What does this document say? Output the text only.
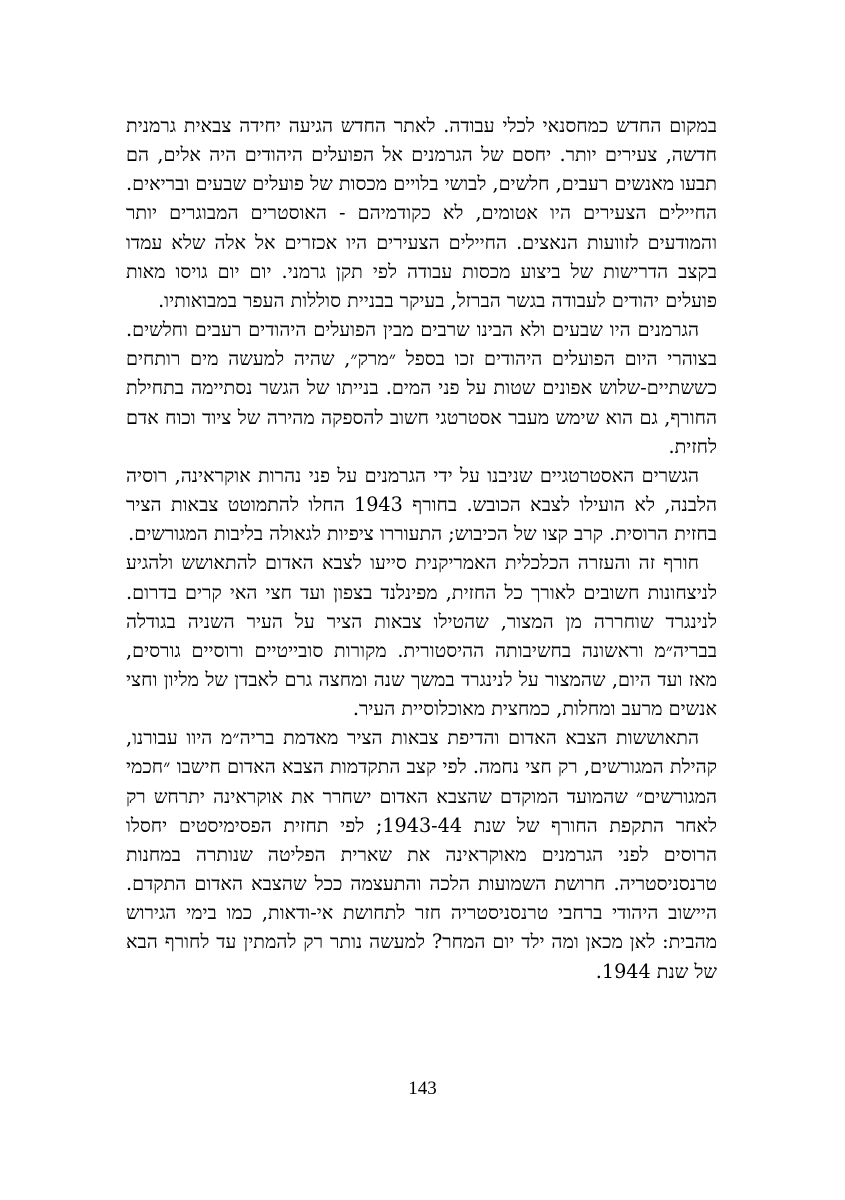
במקום החדש כמחסנאי לכלי עבודה. לאתר החדש הגיעה יחידה צבאית גרמנית חדשה, צעירים יותר. יחסם של הגרמנים אל הפועלים היהודים היה אלים, הם תבעו מאנשים רעבים, חלשים, לבושי בלויים מכסות של פועלים שבעים ובריאים. החיילים הצעירים היו אטומים, לא כקודמיהם - האוסטרים המבוגרים יותר והמודעים לזוועות הנאצים. החיילים הצעירים היו אכזרים אל אלה שלא עמדו בקצב הדרישות של ביצוע מכסות עבודה לפי תקן גרמני. יום יום גויסו מאות פועלים יהודים לעבודה בגשר הברזל, בעיקר בבניית סוללות העפר במבואותיו.

הגרמנים היו שבעים ולא הבינו שרבים מבין הפועלים היהודים רעבים וחלשים. בצוהרי היום הפועלים היהודים זכו בספל ״מרק״, שהיה למעשה מים רותחים כששתיים-שלוש אפונים שטות על פני המים. בנייתו של הגשר נסתיימה בתחילת החורף, גם הוא שימש מעבר אסטרטגי חשוב להספקה מהירה של ציוד וכוח אדם לחזית.

הגשרים האסטרטגיים שניבנו על ידי הגרמנים על פני נהרות אוקראינה, רוסיה הלבנה, לא הועילו לצבא הכובש. בחורף 1943 החלו להתמוטט צבאות הציר בחזית הרוסית. קרב קצו של הכיבוש; התעוררו ציפיות לגאולה בליבות המגורשים.

חורף זה והעזרה הכלכלית האמריקנית סייעו לצבא האדום להתאושש ולהגיע לניצחונות חשובים לאורך כל החזית, מפינלנד בצפון ועד חצי האי קרים בדרום. לנינגרד שוחררה מן המצור, שהטילו צבאות הציר על העיר השניה בגודלה בבריה״מ וראשונה בחשיבותה ההיסטורית. מקורות סובייטיים ורוסיים גורסים, מאז ועד היום, שהמצור על לנינגרד במשך שנה ומחצה גרם לאבדן של מליון וחצי אנשים מרעב ומחלות, כמחצית מאוכלוסיית העיר.

התאוששות הצבא האדום והדיפת צבאות הציר מאדמת בריה״מ היוו עבורנו, קהילת המגורשים, רק חצי נחמה. לפי קצב התקדמות הצבא האדום חישבו ״חכמי המגורשים״ שהמועד המוקדם שהצבא האדום ישחרר את אוקראינה יתרחש רק לאחר התקפת החורף של שנת 1943-44; לפי תחזית הפסימיסטים יחסלו הרוסים לפני הגרמנים מאוקראינה את שארית הפליטה שנותרה במחנות טרנסניסטריה. חרושת השמועות הלכה והתעצמה ככל שהצבא האדום התקדם. היישוב היהודי ברחבי טרנסניסטריה חזר לתחושת אי-ודאות, כמו בימי הגירוש מהבית: לאן מכאן ומה ילד יום המחר? למעשה נותר רק להמתין עד לחורף הבא של שנת 1944.

143
